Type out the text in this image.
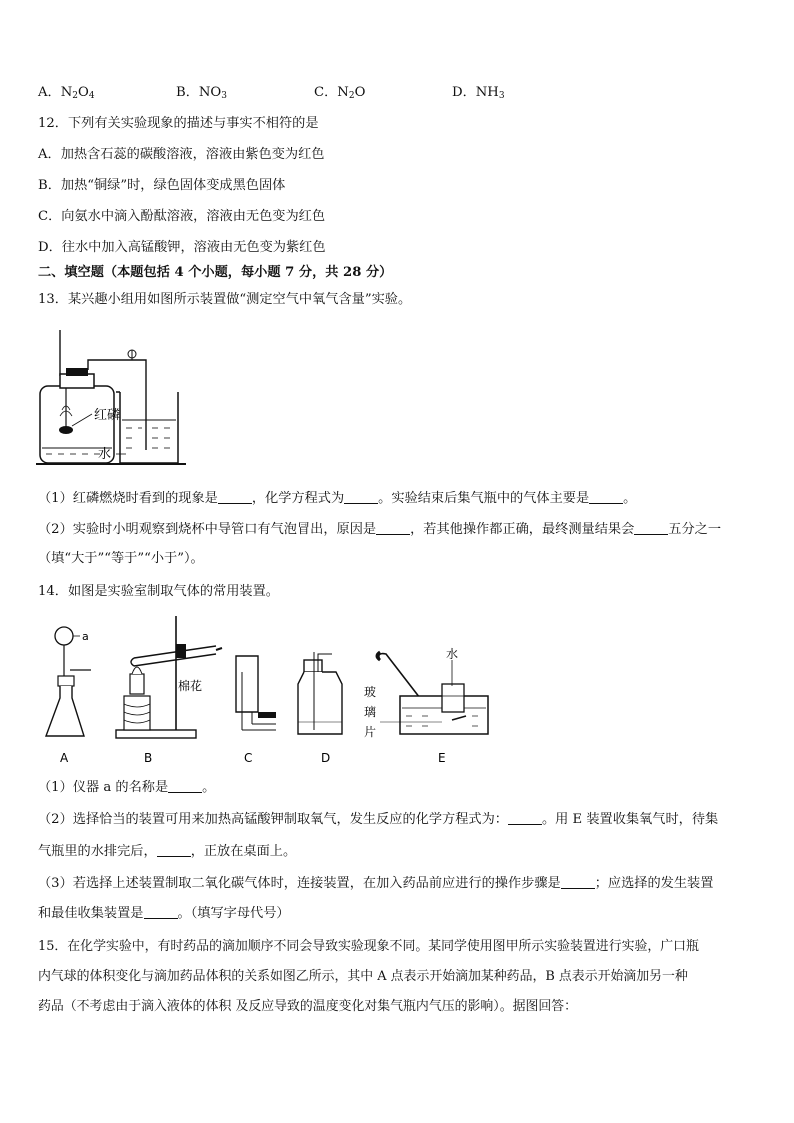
A．$N_2O_4$	B．$NO_3$	C．$N_2O$	D．$NH_3$
12．下列有关实验现象的描述与事实不相符的是
A．加热含石蕊的碳酸溶液，溶液由紫色变为红色
B．加热“铜绿”时，绿色固体变成黑色固体
C．向氨水中滴入酚酞溶液，溶液由无色变为红色
D．往水中加入高锰酸钾，溶液由无色变为紫红色
二、填空题（本题包括 4 个小题，每小题 7 分，共 28 分）
13．某兴趣小组用如图所示装置做“测定空气中氧气含量”实验。
红磷
水
（1）红磷燃烧时看到的现象是	，化学方程式为	。实验结束后集气瓶中的气体主要是	。
（2）实验时小明观察到烧杯中导管口有气泡冒出，原因是	，若其他操作都正确，最终测量结果会	五分之一
（填“大于”“等于”“小于”）。
14．如图是实验室制取气体的常用装置。
a
A
棉花
B	C	D
水
玻
璃
片
E
（1）仪器 a 的名称是	。
（2）选择恰当的装置可用来加热高锰酸钾制取氧气，发生反应的化学方程式为：	。用 E 装置收集氧气时，待集
气瓶里的水排完后，	，正放在桌面上。
（3）若选择上述装置制取二氧化碳气体时，连接装置，在加入药品前应进行的操作步骤是	；应选择的发生装置
和最佳收集装置是	。（填写字母代号）
15．在化学实验中，有时药品的滴加顺序不同会导致实验现象不同。某同学使用图甲所示实验装置进行实验，广口瓶
内气球的体积变化与滴加药品体积的关系如图乙所示，其中 A 点表示开始滴加某种药品，B 点表示开始滴加另一种
药品（不考虑由于滴入液体的体积 及反应导致的温度变化对集气瓶内气压的影响）。据图回答：
